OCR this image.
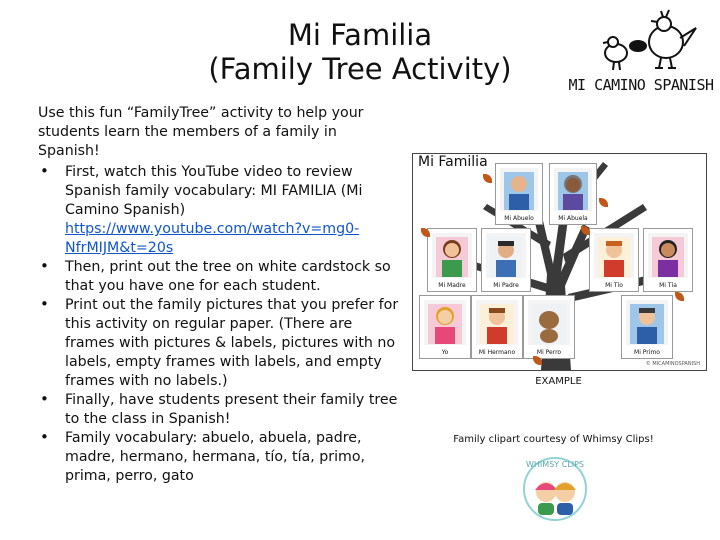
Mi Familia
(Family Tree Activity)	MI CAMINO SPANISH

Use this fun “FamilyTree” activity to help your students learn the members of a family in Spanish!

• First, watch this YouTube video to review Spanish family vocabulary: MI FAMILIA (Mi Camino Spanish) https://www.youtube.com/watch?v=mg0-NfrMIJM&t=20s
• Then, print out the tree on white cardstock so that you have one for each student.
• Print out the family pictures that you prefer for this activity on regular paper. (There are frames with pictures & labels, pictures with no labels, empty frames with labels, and empty frames with no labels.)
• Finally, have students present their family tree to the class in Spanish!
• Family vocabulary: abuelo, abuela, padre, madre, hermano, hermana, tío, tía, primo, prima, perro, gato
Mi Familia
Mi Abuelo	Mi Abuela
Mi Madre	Mi Padre	Mi Tío	Mi Tía
Yo	Mi Hermano	Mi Perro	Mi Primo
© MICAMINOSPANISH
EXAMPLE
Family clipart courtesy of Whimsy Clips!
WHIMSY CLIPS
